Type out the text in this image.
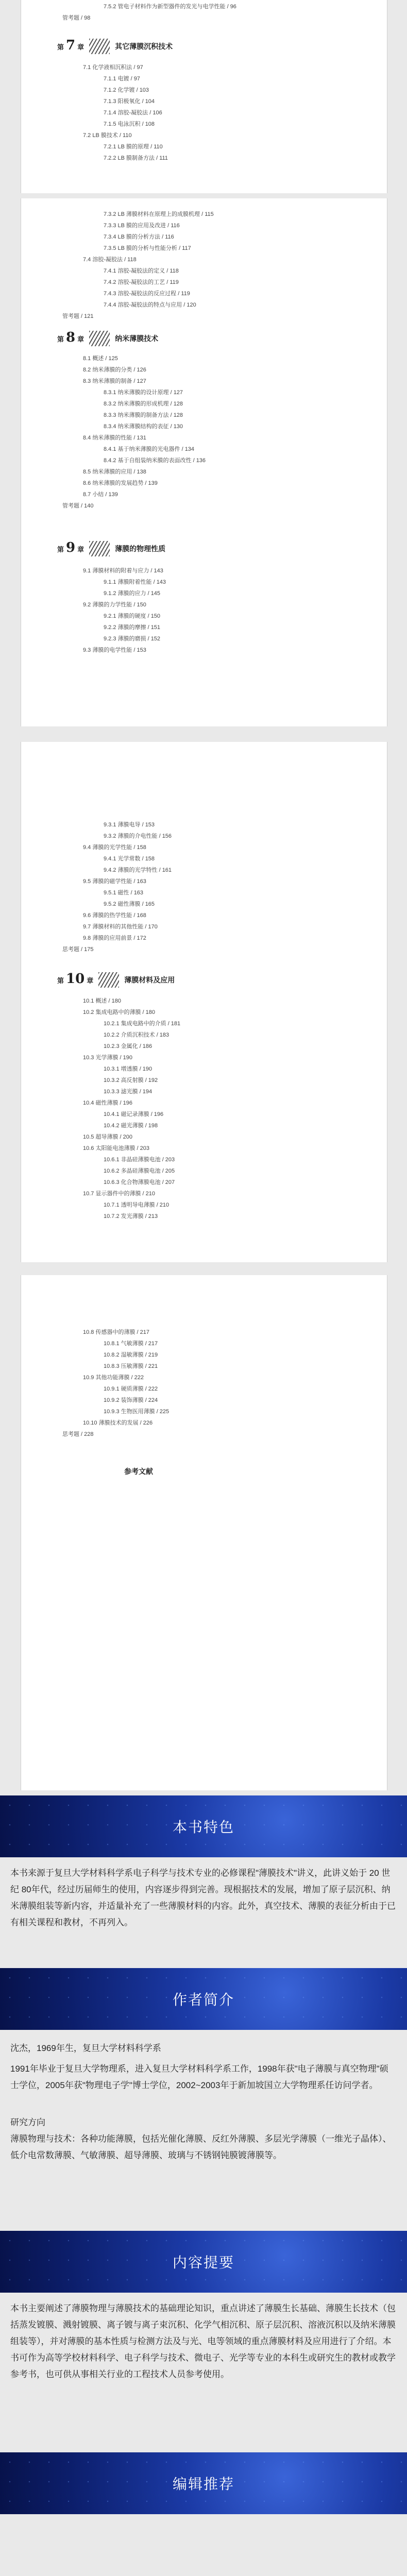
7.5.2 管电子材料作为新型器件的发光与电学性能 / 96
管考题 / 98
第 7 章	其它薄膜沉积技术
7.1 化学液相沉积法 / 97
7.1.1 电镀 / 97
7.1.2 化学镀 / 103
7.1.3 阳极氧化 / 104
7.1.4 溶胶-凝胶法 / 106
7.1.5 电泳沉积 / 108
7.2 LB 膜技术 / 110
7.2.1 LB 膜的原理 / 110
7.2.2 LB 膜制备方法 / 111
7.3.2 LB 薄膜材料在原理上的成膜机理 / 115
7.3.3 LB 膜的应用及改进 / 116
7.3.4 LB 膜的分析方法 / 116
7.3.5 LB 膜的分析与性能分析 / 117
7.4 溶胶-凝胶法 / 118
7.4.1 溶胶-凝胶法的定义 / 118
7.4.2 溶胶-凝胶法的工艺 / 119
7.4.3 溶胶-凝胶法的反应过程 / 119
7.4.4 溶胶-凝胶法的特点与应用 / 120
管考题 / 121
第 8 章	纳米薄膜技术
8.1 概述 / 125
8.2 纳米薄膜的分类 / 126
8.3 纳米薄膜的制备 / 127
8.3.1 纳米薄膜的设计原理 / 127
8.3.2 纳米薄膜的形成机理 / 128
8.3.3 纳米薄膜的制备方法 / 128
8.3.4 纳米薄膜结构的表征 / 130
8.4 纳米薄膜的性能 / 131
8.4.1 基于纳米薄膜的光电器件 / 134
8.4.2 基于自组装纳米膜的表面改性 / 136
8.5 纳米薄膜的应用 / 138
8.6 纳米薄膜的发展趋势 / 139
8.7 小结 / 139
管考题 / 140
第 9 章	薄膜的物理性质
9.1 薄膜材料的附着与应力 / 143
9.1.1 薄膜附着性能 / 143
9.1.2 薄膜的应力 / 145
9.2 薄膜的力学性能 / 150
9.2.1 薄膜的硬度 / 150
9.2.2 薄膜的摩擦 / 151
9.2.3 薄膜的磨损 / 152
9.3 薄膜的电学性能 / 153
9.3.1 薄膜电导 / 153
9.3.2 薄膜的介电性能 / 156
9.4 薄膜的光学性能 / 158
9.4.1 光学常数 / 158
9.4.2 薄膜的光学特性 / 161
9.5 薄膜的磁学性能 / 163
9.5.1 磁性 / 163
9.5.2 磁性薄膜 / 165
9.6 薄膜的热学性能 / 168
9.7 薄膜材料的其他性能 / 170
9.8 薄膜的应用前景 / 172
思考题 / 175
第 10 章	薄膜材料及应用
10.1 概述 / 180
10.2 集成电路中的薄膜 / 180
10.2.1 集成电路中的介质 / 181
10.2.2 介质沉积技术 / 183
10.2.3 金属化 / 186
10.3 光学薄膜 / 190
10.3.1 增透膜 / 190
10.3.2 高反射膜 / 192
10.3.3 滤光膜 / 194
10.4 磁性薄膜 / 196
10.4.1 磁记录薄膜 / 196
10.4.2 磁光薄膜 / 198
10.5 超导薄膜 / 200
10.6 太阳能电池薄膜 / 203
10.6.1 非晶硅薄膜电池 / 203
10.6.2 多晶硅薄膜电池 / 205
10.6.3 化合物薄膜电池 / 207
10.7 显示器件中的薄膜 / 210
10.7.1 透明导电薄膜 / 210
10.7.2 发光薄膜 / 213
10.8 传感器中的薄膜 / 217
10.8.1 气敏薄膜 / 217
10.8.2 湿敏薄膜 / 219
10.8.3 压敏薄膜 / 221
10.9 其他功能薄膜 / 222
10.9.1 硬质薄膜 / 222
10.9.2 装饰薄膜 / 224
10.9.3 生物医用薄膜 / 225
10.10 薄膜技术的发展 / 226
思考题 / 228
参考文献
本书特色

本书来源于复旦大学材料科学系电子科学与技术专业的必修课程"薄膜技术"讲义，此讲义始于 20 世纪 80年代，经过历届师生的使用，内容逐步得到完善。现根据技术的发展，增加了原子层沉积、纳米薄膜组装等新内容，并适量补充了一些薄膜材料的内容。此外，真空技术、薄膜的表征分析由于已有相关课程和教材，不再列入。

作者简介

沈杰，1969年生，复旦大学材料科学系

1991年毕业于复旦大学物理系，进入复旦大学材料科学系工作，1998年获"电子薄膜与真空物理"硕士学位，2005年获"物理电子学"博士学位，2002~2003年于新加坡国立大学物理系任访问学者。

研究方向

薄膜物理与技术：各种功能薄膜，包括光催化薄膜、反红外薄膜、多层光学薄膜（一维光子晶体）、低介电常数薄膜、气敏薄膜、超导薄膜、玻璃与不锈钢钝膜镀薄膜等。

内容提要

本书主要阐述了薄膜物理与薄膜技术的基础理论知识，重点讲述了薄膜生长基础、薄膜生长技术（包括蒸发镀膜、溅射镀膜、离子镀与离子束沉积、化学气相沉积、原子层沉积、溶液沉积以及纳米薄膜组装等），并对薄膜的基本性质与检测方法及与光、电等领域的重点薄膜材料及应用进行了介绍。本书可作为高等学校材料科学、电子科学与技术、微电子、光学等专业的本科生或研究生的教材或教学参考书，也可供从事相关行业的工程技术人员参考使用。

编辑推荐
